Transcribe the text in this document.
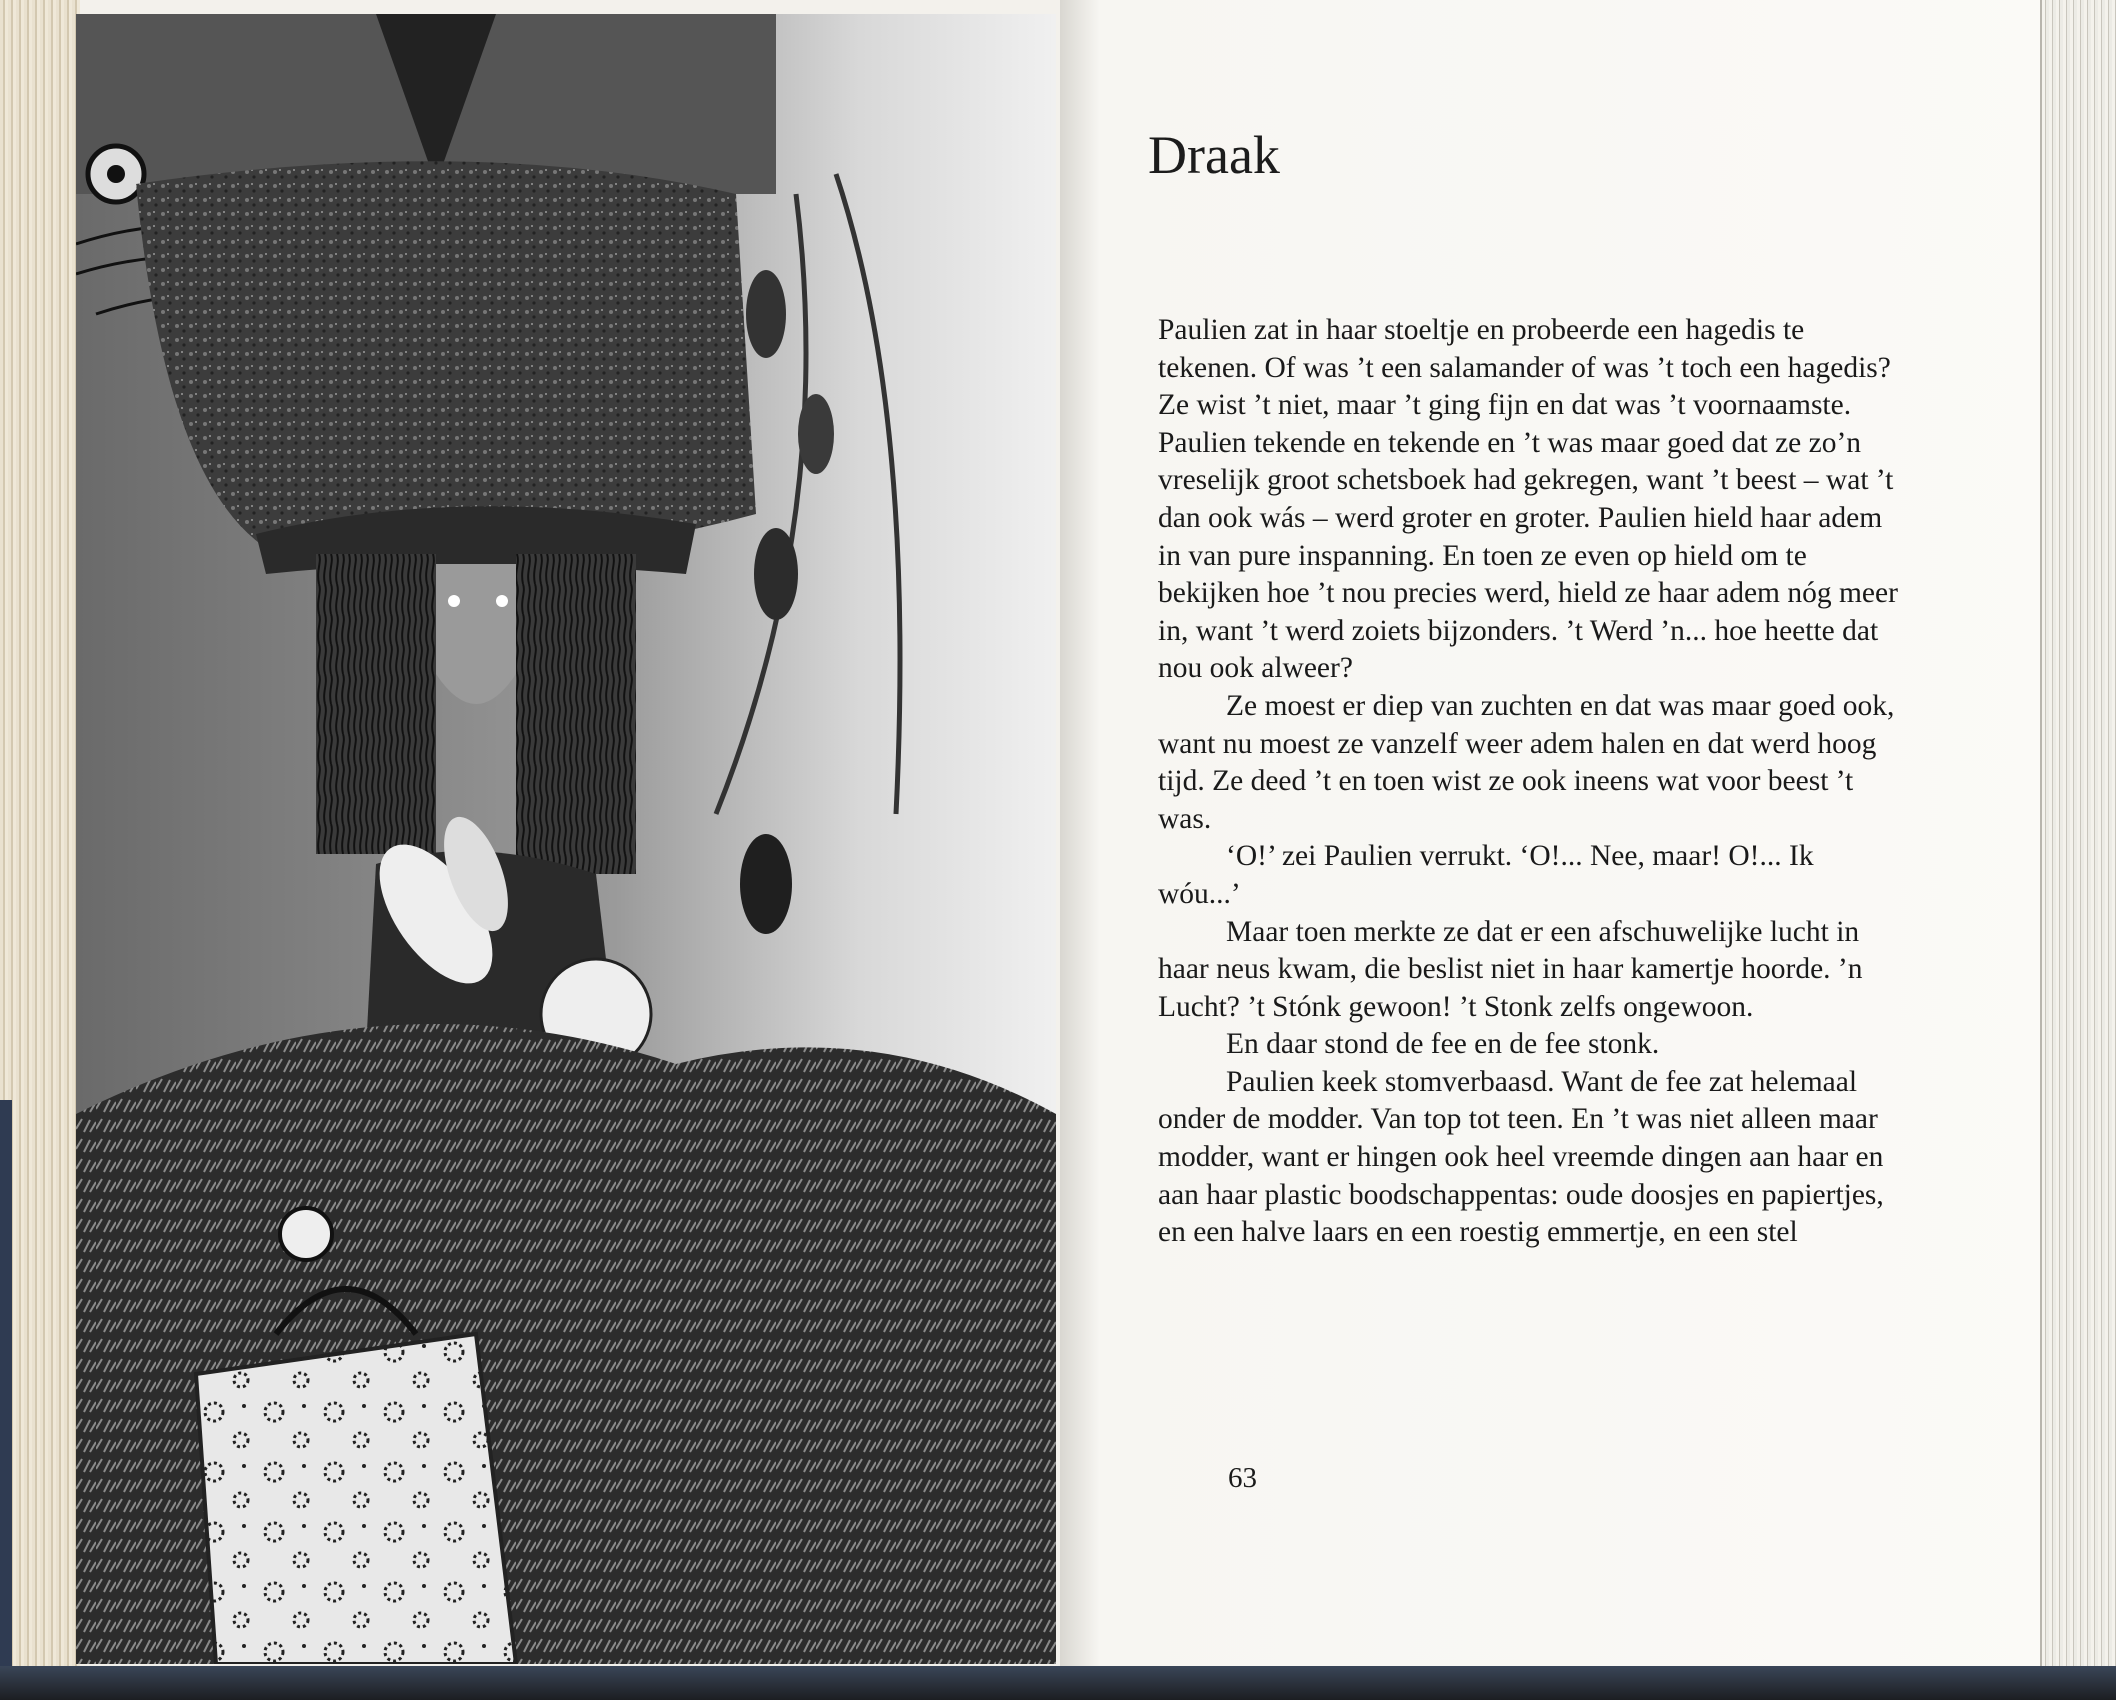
Draak

Paulien zat in haar stoeltje en probeerde een hagedis te tekenen. Of was ’t een salamander of was ’t toch een hagedis? Ze wist ’t niet, maar ’t ging fijn en dat was ’t voornaamste. Paulien tekende en tekende en ’t was maar goed dat ze zo’n vreselijk groot schetsboek had gekregen, want ’t beest – wat ’t dan ook wás – werd groter en groter. Paulien hield haar adem in van pure inspanning. En toen ze even op hield om te bekijken hoe ’t nou precies werd, hield ze haar adem nóg meer in, want ’t werd zoiets bijzonders. ’t Werd ’n... hoe heette dat nou ook alweer?

Ze moest er diep van zuchten en dat was maar goed ook, want nu moest ze vanzelf weer adem halen en dat werd hoog tijd. Ze deed ’t en toen wist ze ook ineens wat voor beest ’t was.

‘O!’ zei Paulien verrukt. ‘O!... Nee, maar! O!... Ik wóu...’

Maar toen merkte ze dat er een afschuwelijke lucht in haar neus kwam, die beslist niet in haar kamertje hoorde. ’n Lucht? ’t Stónk gewoon! ’t Stonk zelfs ongewoon.

En daar stond de fee en de fee stonk.

Paulien keek stomverbaasd. Want de fee zat helemaal onder de modder. Van top tot teen. En ’t was niet alleen maar modder, want er hingen ook heel vreemde dingen aan haar en aan haar plastic boodschappentas: oude doosjes en papiertjes, en een halve laars en een roestig emmertje, en een stel

63
